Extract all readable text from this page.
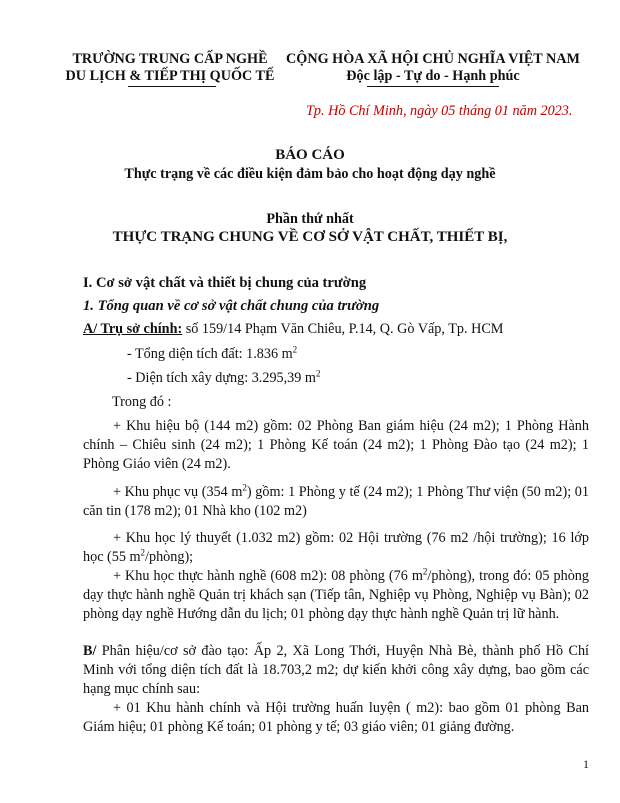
TRƯỜNG TRUNG CẤP NGHỀ
DU LỊCH & TIẾP THỊ QUỐC TẾ
CỘNG HÒA XÃ HỘI CHỦ NGHĨA VIỆT NAM
Độc lập - Tự do - Hạnh phúc
Tp. Hồ Chí Minh, ngày 05 tháng 01 năm 2023.
BÁO CÁO
Thực trạng về các điều kiện đảm bảo cho hoạt động dạy nghề
Phần thứ nhất
THỰC TRẠNG CHUNG VỀ CƠ SỞ VẬT CHẤT, THIẾT BỊ,
I. Cơ sở vật chất và thiết bị chung của trường
1. Tổng quan về cơ sở vật chất chung của trường
A/ Trụ sở chính: số 159/14 Phạm Văn Chiêu, P.14, Q. Gò Vấp, Tp. HCM
- Tổng diện tích đất: 1.836 $m^2$
- Diện tích xây dựng: 3.295,39 $m^2$
Trong đó :
+ Khu hiệu bộ (144 m2) gồm: 02 Phòng Ban giám hiệu (24 m2); 1 Phòng Hành chính – Chiêu sinh (24 m2); 1 Phòng Kế toán (24 m2); 1 Phòng Đào tạo (24 m2); 1 Phòng Giáo viên (24 m2).
+ Khu phục vụ (354 $m^2$) gồm: 1 Phòng y tế (24 m2); 1 Phòng Thư viện (50 m2); 01 căn tin (178 m2); 01 Nhà kho (102 m2)
+ Khu học lý thuyết (1.032 m2) gồm: 02 Hội trường (76 m2 /hội trường); 16 lớp học (55 $m^2/phòng$);
+ Khu học thực hành nghề (608 m2): 08 phòng (76 $m^2/phòng$), trong đó: 05 phòng dạy thực hành nghề Quản trị khách sạn (Tiếp tân, Nghiệp vụ Phòng, Nghiệp vụ Bàn); 02 phòng dạy nghề Hướng dẫn du lịch; 01 phòng dạy thực hành nghề Quản trị lữ hành.
B/ Phân hiệu/cơ sở đào tạo: Ấp 2, Xã Long Thới, Huyện Nhà Bè, thành phố Hồ Chí Minh với tổng diện tích đất là 18.703,2 m2; dự kiến khởi công xây dựng, bao gồm các hạng mục chính sau:
+ 01 Khu hành chính và Hội trường huấn luyện ( m2): bao gồm 01 phòng Ban Giám hiệu; 01 phòng Kế toán; 01 phòng y tế; 03 giáo viên; 01 giảng đường.
1
